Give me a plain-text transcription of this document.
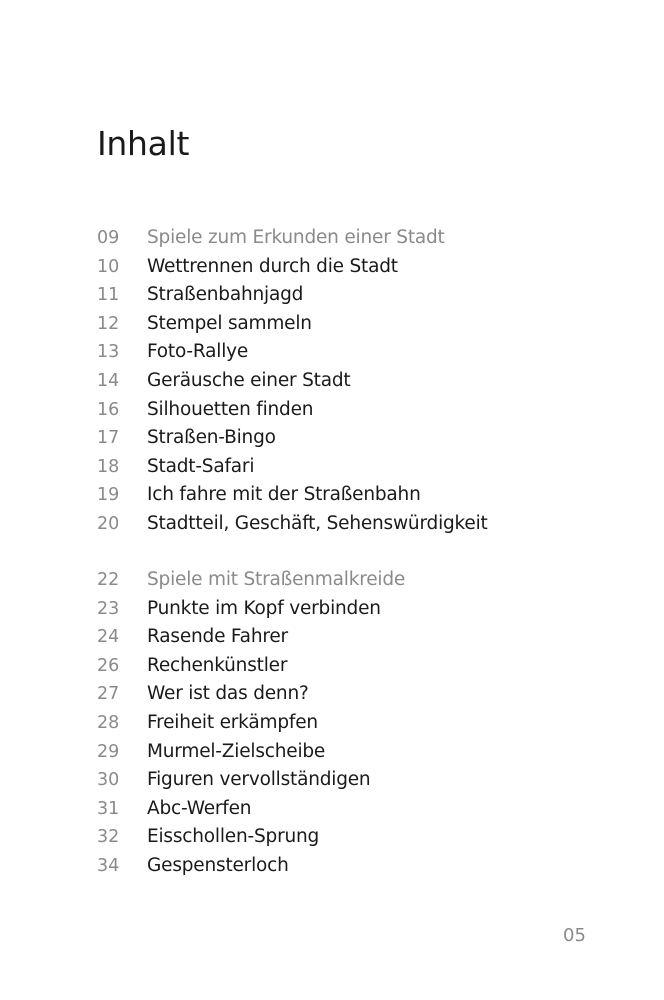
Inhalt
09	Spiele zum Erkunden einer Stadt
10	Wettrennen durch die Stadt
11	Straßenbahnjagd
12	Stempel sammeln
13	Foto-Rallye
14	Geräusche einer Stadt
16	Silhouetten finden
17	Straßen-Bingo
18	Stadt-Safari
19	Ich fahre mit der Straßenbahn
20	Stadtteil, Geschäft, Sehenswürdigkeit
22	Spiele mit Straßenmalkreide
23	Punkte im Kopf verbinden
24	Rasende Fahrer
26	Rechenkünstler
27	Wer ist das denn?
28	Freiheit erkämpfen
29	Murmel-Zielscheibe
30	Figuren vervollständigen
31	Abc-Werfen
32	Eisschollen-Sprung
34	Gespensterloch
05
